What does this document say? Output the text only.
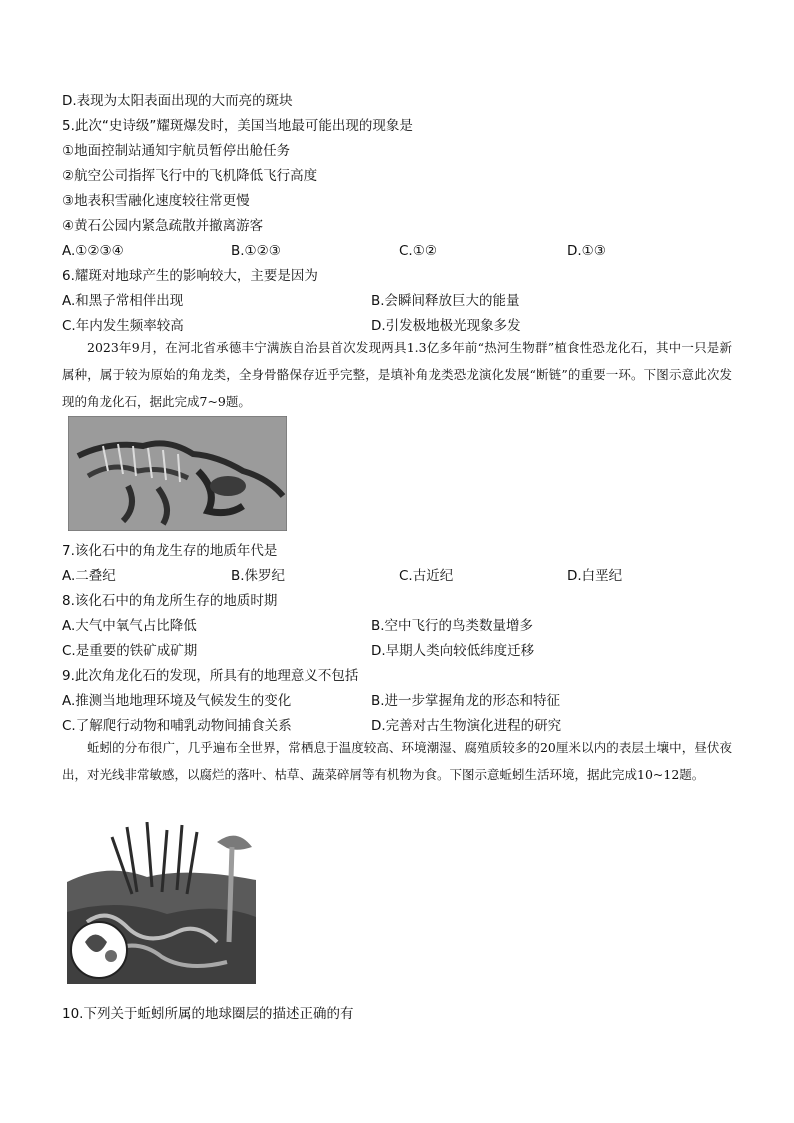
D.表现为太阳表面出现的大而亮的斑块
5.此次“史诗级”耀斑爆发时，美国当地最可能出现的现象是
①地面控制站通知宇航员暂停出舱任务
②航空公司指挥飞行中的飞机降低飞行高度
③地表积雪融化速度较往常更慢
④黄石公园内紧急疏散并撤离游客
A.①②③④	B.①②③	C.①②	D.①③
6.耀斑对地球产生的影响较大，主要是因为
A.和黑子常相伴出现	B.会瞬间释放巨大的能量
C.年内发生频率较高	D.引发极地极光现象多发
2023年9月，在河北省承德丰宁满族自治县首次发现两具1.3亿多年前“热河生物群”植食性恐龙化石，其中一只是新属种，属于较为原始的角龙类，全身骨骼保存近乎完整，是填补角龙类恐龙演化发展“断链”的重要一环。下图示意此次发现的角龙化石，据此完成7~9题。
7.该化石中的角龙生存的地质年代是
A.二叠纪	B.侏罗纪	C.古近纪	D.白垩纪
8.该化石中的角龙所生存的地质时期
A.大气中氧气占比降低	B.空中飞行的鸟类数量增多
C.是重要的铁矿成矿期	D.早期人类向较低纬度迁移
9.此次角龙化石的发现，所具有的地理意义不包括
A.推测当地地理环境及气候发生的变化	B.进一步掌握角龙的形态和特征
C.了解爬行动物和哺乳动物间捕食关系	D.完善对古生物演化进程的研究
蚯蚓的分布很广，几乎遍布全世界，常栖息于温度较高、环境潮湿、腐殖质较多的20厘米以内的表层土壤中，昼伏夜出，对光线非常敏感，以腐烂的落叶、枯草、蔬菜碎屑等有机物为食。下图示意蚯蚓生活环境，据此完成10~12题。
10.下列关于蚯蚓所属的地球圈层的描述正确的有
